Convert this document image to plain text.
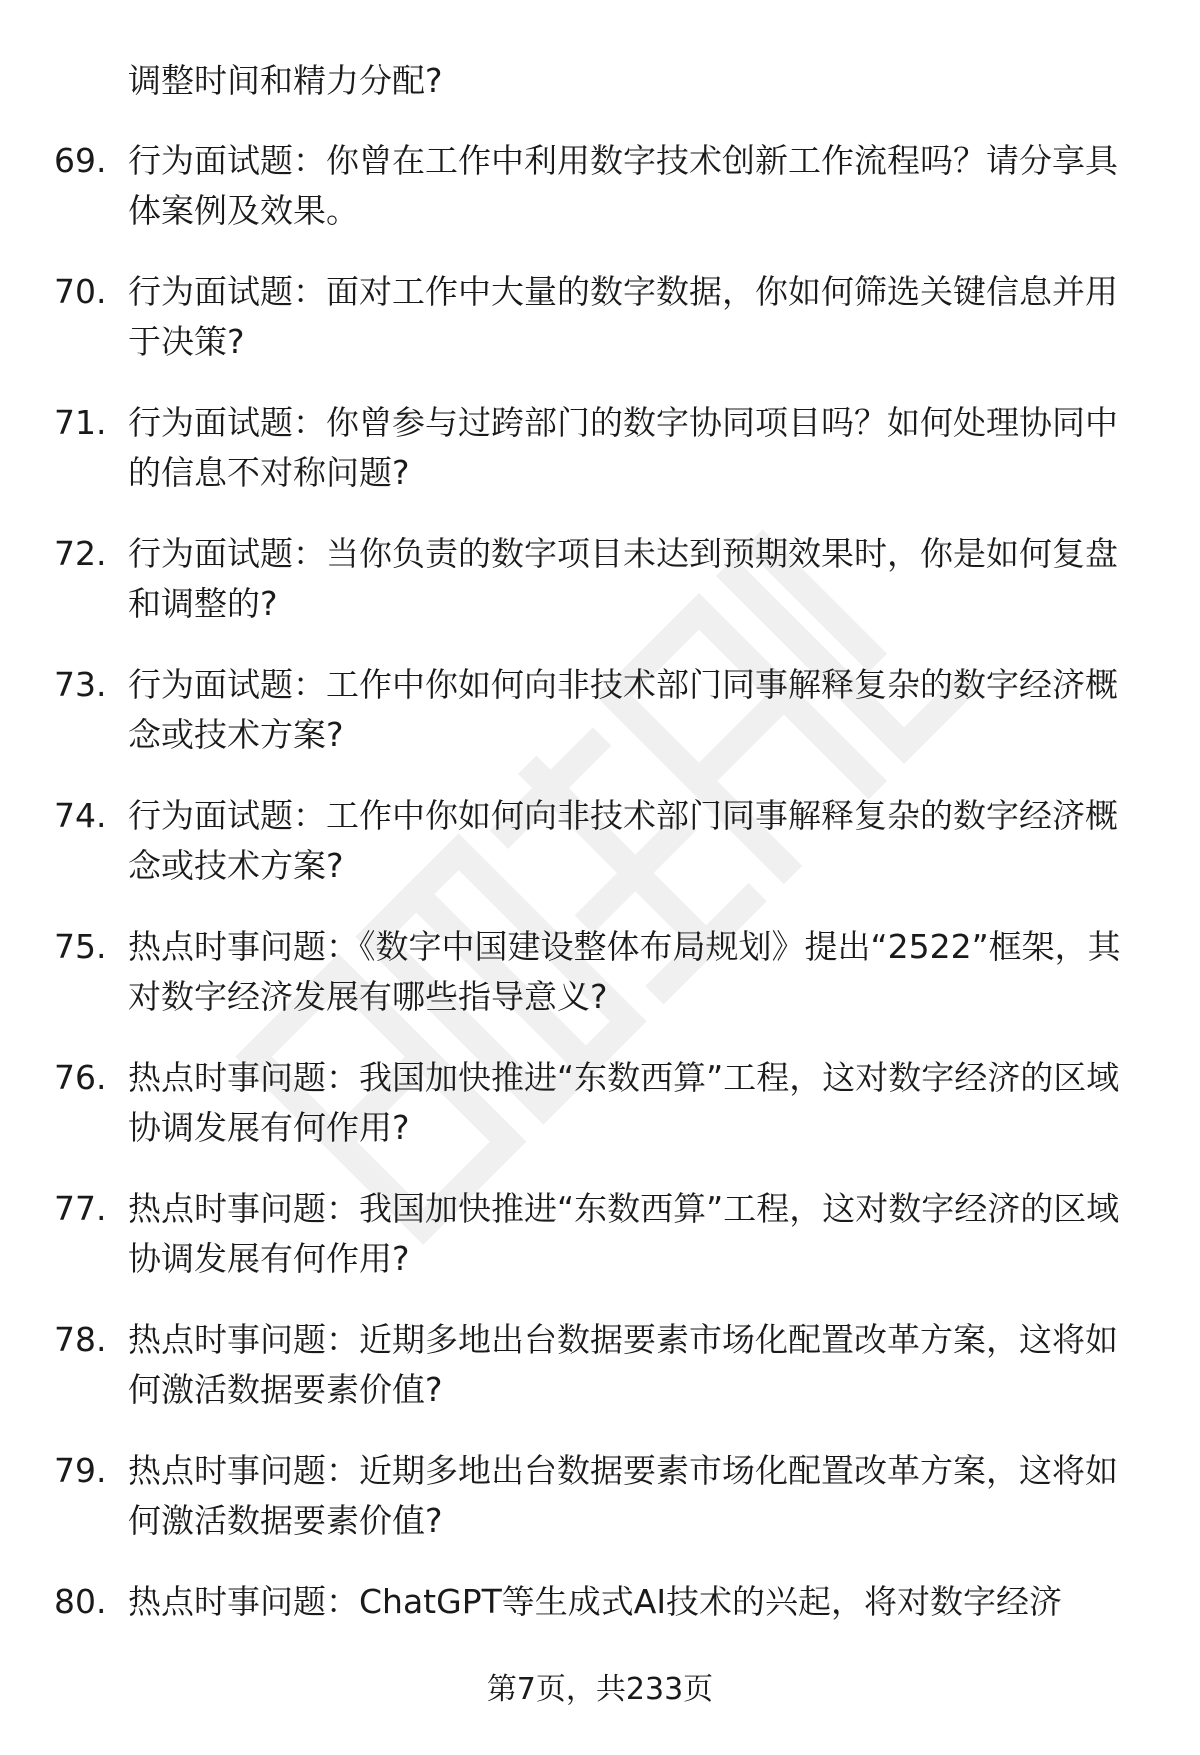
调整时间和精力分配?
69. 行为面试题：你曾在工作中利用数字技术创新工作流程吗？请分享具体案例及效果。
70. 行为面试题：面对工作中大量的数字数据，你如何筛选关键信息并用于决策?
71. 行为面试题：你曾参与过跨部门的数字协同项目吗？如何处理协同中的信息不对称问题?
72. 行为面试题：当你负责的数字项目未达到预期效果时，你是如何复盘和调整的?
73. 行为面试题：工作中你如何向非技术部门同事解释复杂的数字经济概念或技术方案?
74. 行为面试题：工作中你如何向非技术部门同事解释复杂的数字经济概念或技术方案?
75. 热点时事问题：《数字中国建设整体布局规划》提出“2522”框架，其对数字经济发展有哪些指导意义?
76. 热点时事问题：我国加快推进“东数西算”工程，这对数字经济的区域协调发展有何作用?
77. 热点时事问题：我国加快推进“东数西算”工程，这对数字经济的区域协调发展有何作用?
78. 热点时事问题：近期多地出台数据要素市场化配置改革方案，这将如何激活数据要素价值?
79. 热点时事问题：近期多地出台数据要素市场化配置改革方案，这将如何激活数据要素价值?
80. 热点时事问题：ChatGPT等生成式AI技术的兴起，将对数字经济
第7页，共233页
